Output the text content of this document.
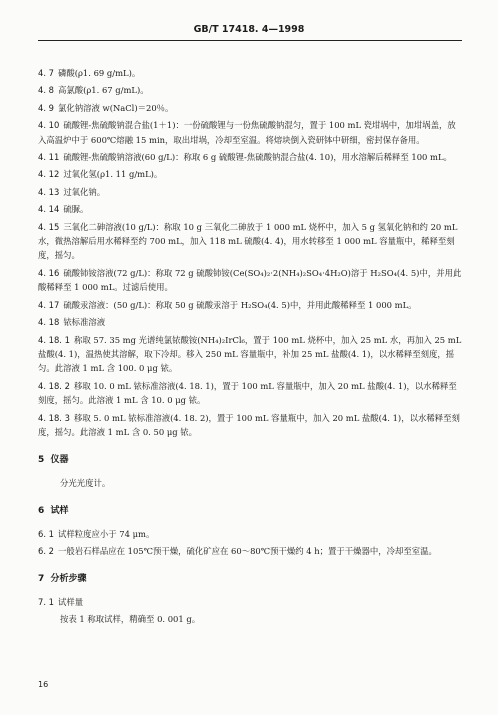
GB/T 17418. 4—1998
4. 7 磷酸(ρ1. 69 g/mL)。
4. 8 高氯酸(ρ1. 67 g/mL)。
4. 9 氯化钠溶液 w(NaCl)＝20％。
4. 10 硫酸锂-焦硫酸钠混合盐(1＋1)：一份硫酸锂与一份焦硫酸钠混匀，置于 100 mL 瓷坩埚中，加坩埚盖，放入高温炉中于 600℃熔融 15 min，取出坩埚，冷却至室温。将熔块倒入瓷研钵中研细，密封保存备用。
4. 11 硫酸锂-焦硫酸钠溶液(60 g/L)：称取 6 g 硫酸锂-焦硫酸钠混合盐(4. 10)，用水溶解后稀释至 100 mL。
4. 12 过氧化氢(ρ1. 11 g/mL)。
4. 13 过氧化钠。
4. 14 硫脲。
4. 15 三氧化二砷溶液(10 g/L)：称取 10 g 三氧化二砷放于 1 000 mL 烧杯中，加入 5 g 氢氧化钠和约 20 mL 水，微热溶解后用水稀释至约 700 mL，加入 118 mL 硫酸(4. 4)，用水转移至 1 000 mL 容量瓶中，稀释至刻度，摇匀。
4. 16 硫酸铈铵溶液(72 g/L)：称取 72 g 硫酸铈铵(Ce(SO₄)₂·2(NH₄)₂SO₄·4H₂O)溶于 H₂SO₄(4. 5)中，并用此酸稀释至 1 000 mL。过滤后使用。
4. 17 硫酸汞溶液：(50 g/L)：称取 50 g 硫酸汞溶于 H₂SO₄(4. 5)中，并用此酸稀释至 1 000 mL。
4. 18 铱标准溶液
4. 18. 1 称取 57. 35 mg 光谱纯氯铱酸铵(NH₄)₂IrCl₆，置于 100 mL 烧杯中，加入 25 mL 水，再加入 25 mL 盐酸(4. 1)，温热使其溶解，取下冷却。移入 250 mL 容量瓶中，补加 25 mL 盐酸(4. 1)，以水稀释至刻度，摇匀。此溶液 1 mL 含 100. 0 μg 铱。
4. 18. 2 移取 10. 0 mL 铱标准溶液(4. 18. 1)，置于 100 mL 容量瓶中，加入 20 mL 盐酸(4. 1)，以水稀释至刻度，摇匀。此溶液 1 mL 含 10. 0 μg 铱。
4. 18. 3 移取 5. 0 mL 铱标准溶液(4. 18. 2)，置于 100 mL 容量瓶中，加入 20 mL 盐酸(4. 1)，以水稀释至刻度，摇匀。此溶液 1 mL 含 0. 50 μg 铱。
5 仪器
分光光度计。
6 试样
6. 1 试样粒度应小于 74 μm。
6. 2 一般岩石样品应在 105℃预干燥，硫化矿应在 60～80℃预干燥约 4 h；置于干燥器中，冷却至室温。
7 分析步骤
7. 1 试样量
按表 1 称取试样，精确至 0. 001 g。
16
